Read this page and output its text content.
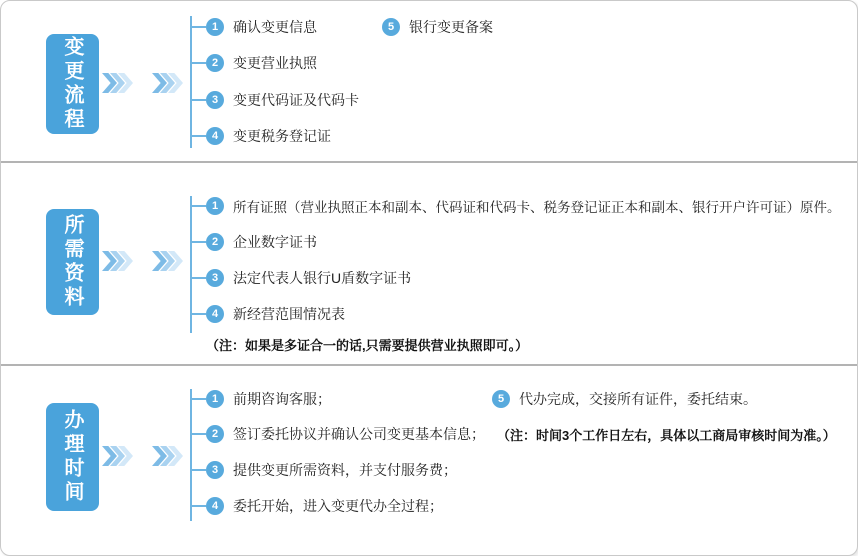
变更流程
1	确认变更信息
2	变更营业执照
3	变更代码证及代码卡
4	变更税务登记证
5	银行变更备案
所需资料
1	所有证照（营业执照正本和副本、代码证和代码卡、税务登记证正本和副本、银行开户许可证）原件。
2	企业数字证书
3	法定代表人银行U盾数字证书
4	新经营范围情况表
（注：如果是多证合一的话,只需要提供营业执照即可。）
办理时间
1	前期咨询客服；
2	签订委托协议并确认公司变更基本信息； （注：时间3个工作日左右，具体以工商局审核时间为准。）
3	提供变更所需资料，并支付服务费；
4	委托开始，进入变更代办全过程；
5	代办完成，交接所有证件，委托结束。
